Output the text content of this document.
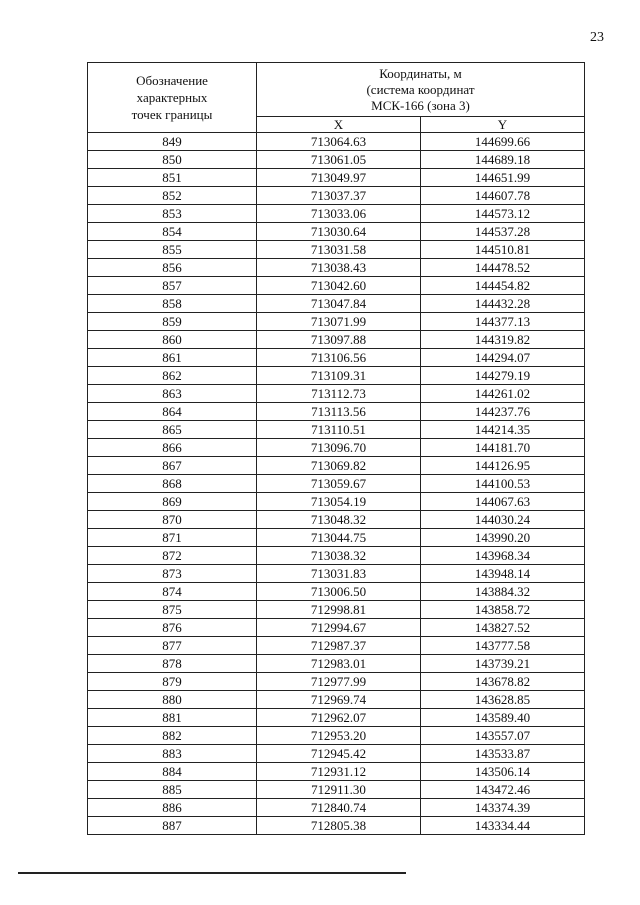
23
Обозначение
характерных
точек границы	Координаты, м
(система координат
МСК-166 (зона 3)	

	X	Y
849	713064.63	144699.66
850	713061.05	144689.18
851	713049.97	144651.99
852	713037.37	144607.78
853	713033.06	144573.12
854	713030.64	144537.28
855	713031.58	144510.81
856	713038.43	144478.52
857	713042.60	144454.82
858	713047.84	144432.28
859	713071.99	144377.13
860	713097.88	144319.82
861	713106.56	144294.07
862	713109.31	144279.19
863	713112.73	144261.02
864	713113.56	144237.76
865	713110.51	144214.35
866	713096.70	144181.70
867	713069.82	144126.95
868	713059.67	144100.53
869	713054.19	144067.63
870	713048.32	144030.24
871	713044.75	143990.20
872	713038.32	143968.34
873	713031.83	143948.14
874	713006.50	143884.32
875	712998.81	143858.72
876	712994.67	143827.52
877	712987.37	143777.58
878	712983.01	143739.21
879	712977.99	143678.82
880	712969.74	143628.85
881	712962.07	143589.40
882	712953.20	143557.07
883	712945.42	143533.87
884	712931.12	143506.14
885	712911.30	143472.46
886	712840.74	143374.39
887	712805.38	143334.44
